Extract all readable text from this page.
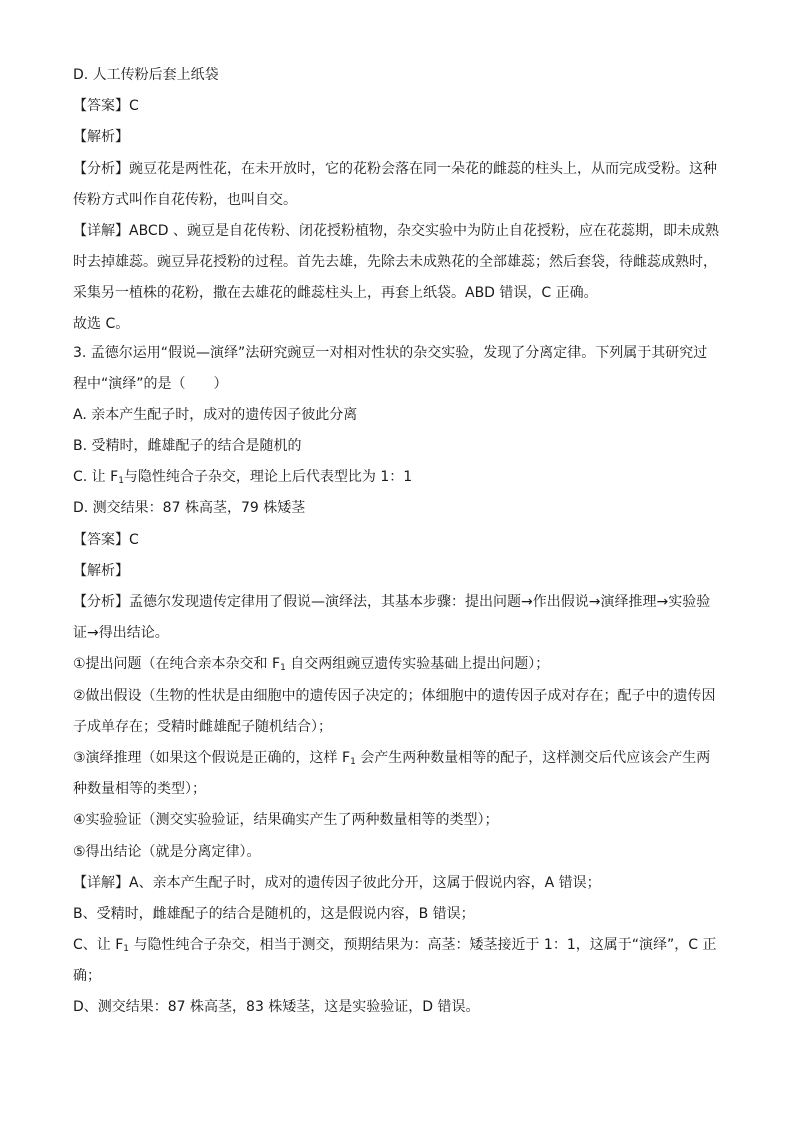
D. 人工传粉后套上纸袋
【答案】C
【解析】
【分析】豌豆花是两性花，在未开放时，它的花粉会落在同一朵花的雌蕊的柱头上，从而完成受粉。这种
传粉方式叫作自花传粉，也叫自交。
【详解】ABCD 、豌豆是自花传粉、闭花授粉植物，杂交实验中为防止自花授粉，应在花蕊期，即未成熟
时去掉雄蕊。豌豆异花授粉的过程。首先去雄，先除去未成熟花的全部雄蕊；然后套袋，待雌蕊成熟时，
采集另一植株的花粉，撒在去雄花的雌蕊柱头上，再套上纸袋。ABD 错误，C 正确。
故选 C。
3. 孟德尔运用“假说—演绎”法研究豌豆一对相对性状的杂交实验，发现了分离定律。下列属于其研究过
程中“演绎”的是（　　）
A. 亲本产生配子时，成对的遗传因子彼此分离
B. 受精时，雌雄配子的结合是随机的
C. 让 $F_1$与隐性纯合子杂交，理论上后代表型比为 1：1
D. 测交结果：87 株高茎，79 株矮茎
【答案】C
【解析】
【分析】孟德尔发现遗传定律用了假说—演绎法，其基本步骤：提出问题→作出假说→演绎推理→实验验
证→得出结论。
①提出问题（在纯合亲本杂交和 $F_1$ 自交两组豌豆遗传实验基础上提出问题）；
②做出假设（生物的性状是由细胞中的遗传因子决定的；体细胞中的遗传因子成对存在；配子中的遗传因
子成单存在；受精时雌雄配子随机结合）；
③演绎推理（如果这个假说是正确的，这样 $F_1$ 会产生两种数量相等的配子，这样测交后代应该会产生两
种数量相等的类型）；
④实验验证（测交实验验证，结果确实产生了两种数量相等的类型）；
⑤得出结论（就是分离定律）。
【详解】A、亲本产生配子时，成对的遗传因子彼此分开，这属于假说内容，A 错误；
B、受精时，雌雄配子的结合是随机的，这是假说内容，B 错误；
C、让 $F_1$ 与隐性纯合子杂交，相当于测交，预期结果为：高茎：矮茎接近于 1：1，这属于“演绎”，C 正
确；
D、测交结果：87 株高茎，83 株矮茎，这是实验验证，D 错误。
